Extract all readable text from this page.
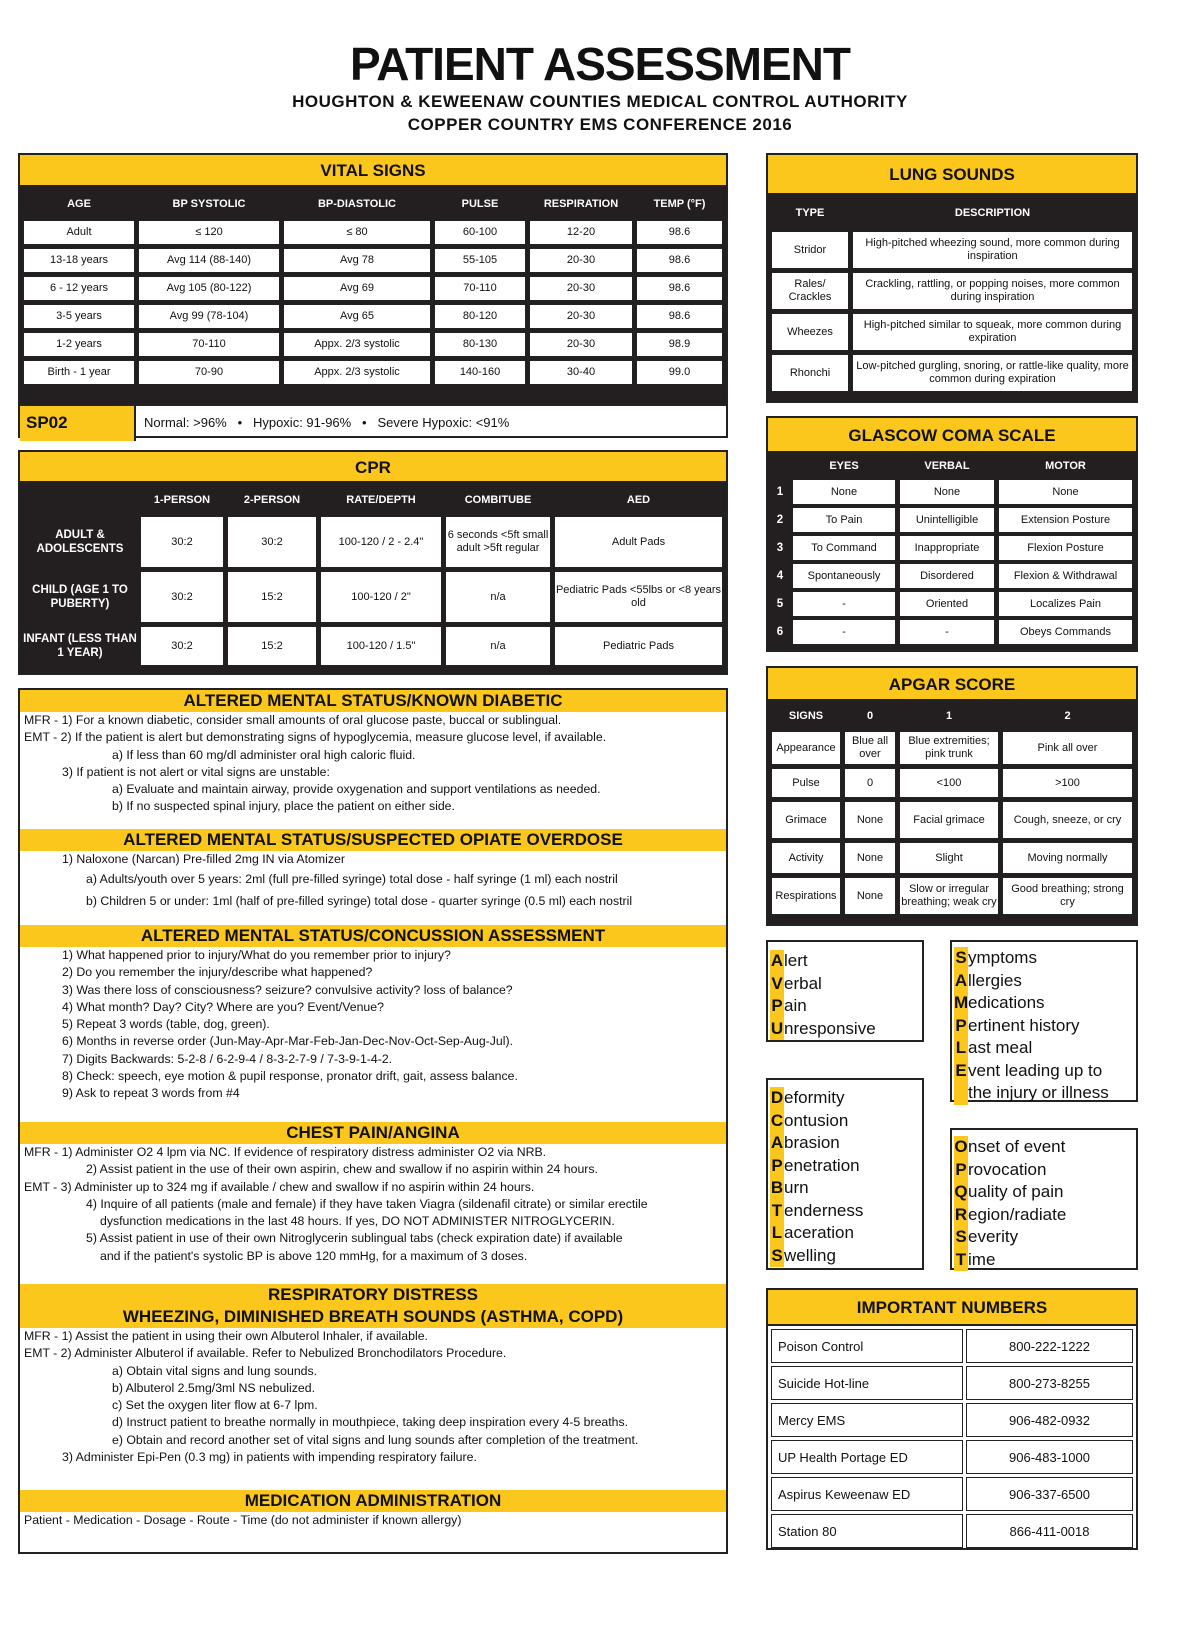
PATIENT ASSESSMENT
HOUGHTON & KEWEENAW COUNTIES MEDICAL CONTROL AUTHORITY
COPPER COUNTRY EMS CONFERENCE 2016
VITAL SIGNS
AGE	BP SYSTOLIC	BP-DIASTOLIC	PULSE	RESPIRATION	TEMP (°F)
Adult	≤ 120	≤ 80	60-100	12-20	98.6
13-18 years	Avg 114 (88-140)	Avg 78	55-105	20-30	98.6
6 - 12 years	Avg 105 (80-122)	Avg 69	70-110	20-30	98.6
3-5 years	Avg 99 (78-104)	Avg 65	80-120	20-30	98.6
1-2 years	70-110	Appx. 2/3 systolic	80-130	20-30	98.9
Birth - 1 year	70-90	Appx. 2/3 systolic	140-160	30-40	99.0
SP02	Normal: >96%   •   Hypoxic: 91-96%   •   Severe Hypoxic: <91%
CPR
	1-PERSON	2-PERSON	RATE/DEPTH	COMBITUBE	AED
ADULT & ADOLESCENTS	30:2	30:2	100-120 / 2 - 2.4"	6 seconds <5ft small adult >5ft regular	Adult Pads
CHILD (AGE 1 TO PUBERTY)	30:2	15:2	100-120 / 2"	n/a	Pediatric Pads <55lbs or <8 years old
INFANT (LESS THAN 1 YEAR)	30:2	15:2	100-120 / 1.5"	n/a	Pediatric Pads
ALTERED MENTAL STATUS/KNOWN DIABETIC
MFR - 1) For a known diabetic, consider small amounts of oral glucose paste, buccal or sublingual.
EMT - 2) If the patient is alert but demonstrating signs of hypoglycemia, measure glucose level, if available.
a) If less than 60 mg/dl administer oral high caloric fluid.
3) If patient is not alert or vital signs are unstable:
a) Evaluate and maintain airway, provide oxygenation and support ventilations as needed.
b) If no suspected spinal injury, place the patient on either side.
ALTERED MENTAL STATUS/SUSPECTED OPIATE OVERDOSE
1) Naloxone (Narcan) Pre-filled 2mg IN via Atomizer
a) Adults/youth over 5 years: 2ml (full pre-filled syringe) total dose - half syringe (1 ml) each nostril
b) Children 5 or under: 1ml (half of pre-filled syringe) total dose - quarter syringe (0.5 ml) each nostril
ALTERED MENTAL STATUS/CONCUSSION ASSESSMENT
1) What happened prior to injury/What do you remember prior to injury?
2) Do you remember the injury/describe what happened?
3) Was there loss of consciousness? seizure? convulsive activity? loss of balance?
4) What month? Day? City? Where are you? Event/Venue?
5) Repeat 3 words (table, dog, green).
6) Months in reverse order (Jun-May-Apr-Mar-Feb-Jan-Dec-Nov-Oct-Sep-Aug-Jul).
7) Digits Backwards: 5-2-8 / 6-2-9-4 / 8-3-2-7-9 / 7-3-9-1-4-2.
8) Check: speech, eye motion & pupil response, pronator drift, gait, assess balance.
9) Ask to repeat 3 words from #4
CHEST PAIN/ANGINA
MFR - 1) Administer O2 4 lpm via NC. If evidence of respiratory distress administer O2 via NRB.
2) Assist patient in the use of their own aspirin, chew and swallow if no aspirin within 24 hours.
EMT - 3) Administer up to 324 mg if available / chew and swallow if no aspirin within 24 hours.
4) Inquire of all patients (male and female) if they have taken Viagra (sildenafil citrate) or similar erectile
dysfunction medications in the last 48 hours. If yes, DO NOT ADMINISTER NITROGLYCERIN.
5) Assist patient in use of their own Nitroglycerin sublingual tabs (check expiration date) if available
and if the patient's systolic BP is above 120 mmHg, for a maximum of 3 doses.
RESPIRATORY DISTRESS
WHEEZING, DIMINISHED BREATH SOUNDS (ASTHMA, COPD)
MFR - 1) Assist the patient in using their own Albuterol Inhaler, if available.
EMT - 2) Administer Albuterol if available. Refer to Nebulized Bronchodilators Procedure.
a) Obtain vital signs and lung sounds.
b) Albuterol 2.5mg/3ml NS nebulized.
c) Set the oxygen liter flow at 6-7 lpm.
d) Instruct patient to breathe normally in mouthpiece, taking deep inspiration every 4-5 breaths.
e) Obtain and record another set of vital signs and lung sounds after completion of the treatment.
3) Administer Epi-Pen (0.3 mg) in patients with impending respiratory failure.
MEDICATION ADMINISTRATION
Patient - Medication - Dosage - Route - Time (do not administer if known allergy)
LUNG SOUNDS
TYPE	DESCRIPTION
Stridor	High-pitched wheezing sound, more common during inspiration
Rales/ Crackles	Crackling, rattling, or popping noises, more common during inspiration
Wheezes	High-pitched similar to squeak, more common during expiration
Rhonchi	Low-pitched gurgling, snoring, or rattle-like quality, more common during expiration
GLASCOW COMA SCALE
	EYES	VERBAL	MOTOR
1	None	None	None
2	To Pain	Unintelligible	Extension Posture
3	To Command	Inappropriate	Flexion Posture
4	Spontaneously	Disordered	Flexion & Withdrawal
5	-	Oriented	Localizes Pain
6	-	-	Obeys Commands
APGAR SCORE
SIGNS	0	1	2
Appearance	Blue all over	Blue extremities; pink trunk	Pink all over
Pulse	0	<100	>100
Grimace	None	Facial grimace	Cough, sneeze, or cry
Activity	None	Slight	Moving normally
Respirations	None	Slow or irregular breathing; weak cry	Good breathing; strong cry
A lert
V erbal
P ain
U nresponsive
S ymptoms
A llergies
M edications
P ertinent history
L ast meal
E vent leading up to
the injury or illness
D eformity
C ontusion
A brasion
P enetration
B urn
T enderness
L aceration
S welling
O nset of event
P rovocation
Q uality of pain
R egion/radiate
S everity
T ime
IMPORTANT NUMBERS
Poison Control	800-222-1222
Suicide Hot-line	800-273-8255
Mercy EMS	906-482-0932
UP Health Portage ED	906-483-1000
Aspirus Keweenaw ED	906-337-6500
Station 80	866-411-0018
